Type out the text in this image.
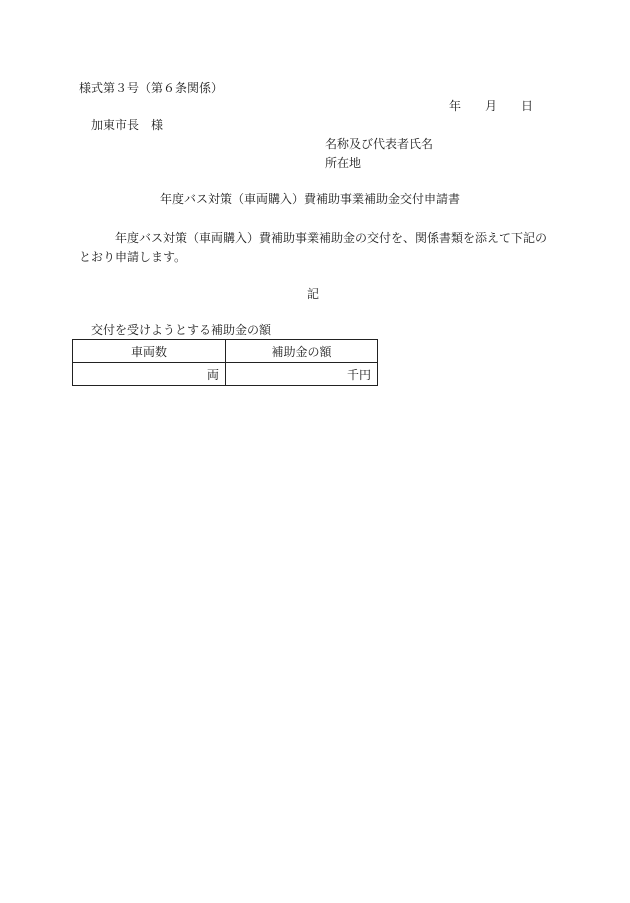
様式第３号（第６条関係）
年 月 日
加東市長　様
名称及び代表者氏名
所在地
年度バス対策（車両購入）費補助事業補助金交付申請書
年度バス対策（車両購入）費補助事業補助金の交付を、関係書類を添えて下記のとおり申請します。
記
交付を受けようとする補助金の額
車両数	補助金の額
両	千円
